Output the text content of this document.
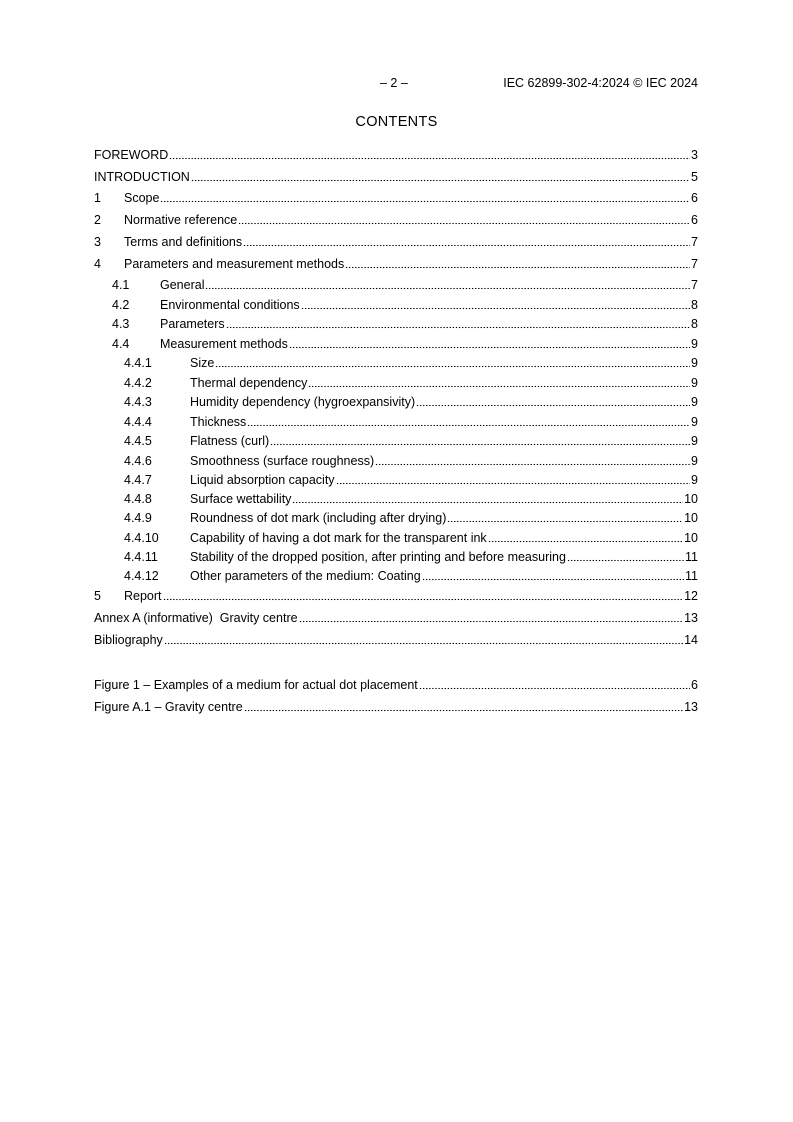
– 2 –	IEC 62899-302-4:2024 © IEC 2024
CONTENTS
FOREWORD	3
INTRODUCTION	5
1	Scope	6
2	Normative reference	6
3	Terms and definitions	7
4	Parameters and measurement methods	7
4.1	General	7
4.2	Environmental conditions	8
4.3	Parameters	8
4.4	Measurement methods	9
4.4.1	Size	9
4.4.2	Thermal dependency	9
4.4.3	Humidity dependency (hygroexpansivity)	9
4.4.4	Thickness	9
4.4.5	Flatness (curl)	9
4.4.6	Smoothness (surface roughness)	9
4.4.7	Liquid absorption capacity	9
4.4.8	Surface wettability	10
4.4.9	Roundness of dot mark (including after drying)	10
4.4.10	Capability of having a dot mark for the transparent ink	10
4.4.11	Stability of the dropped position, after printing and before measuring	11
4.4.12	Other parameters of the medium: Coating	11
5	Report	12
Annex A (informative)  Gravity centre	13
Bibliography	14
Figure 1 – Examples of a medium for actual dot placement	6
Figure A.1 – Gravity centre	13
